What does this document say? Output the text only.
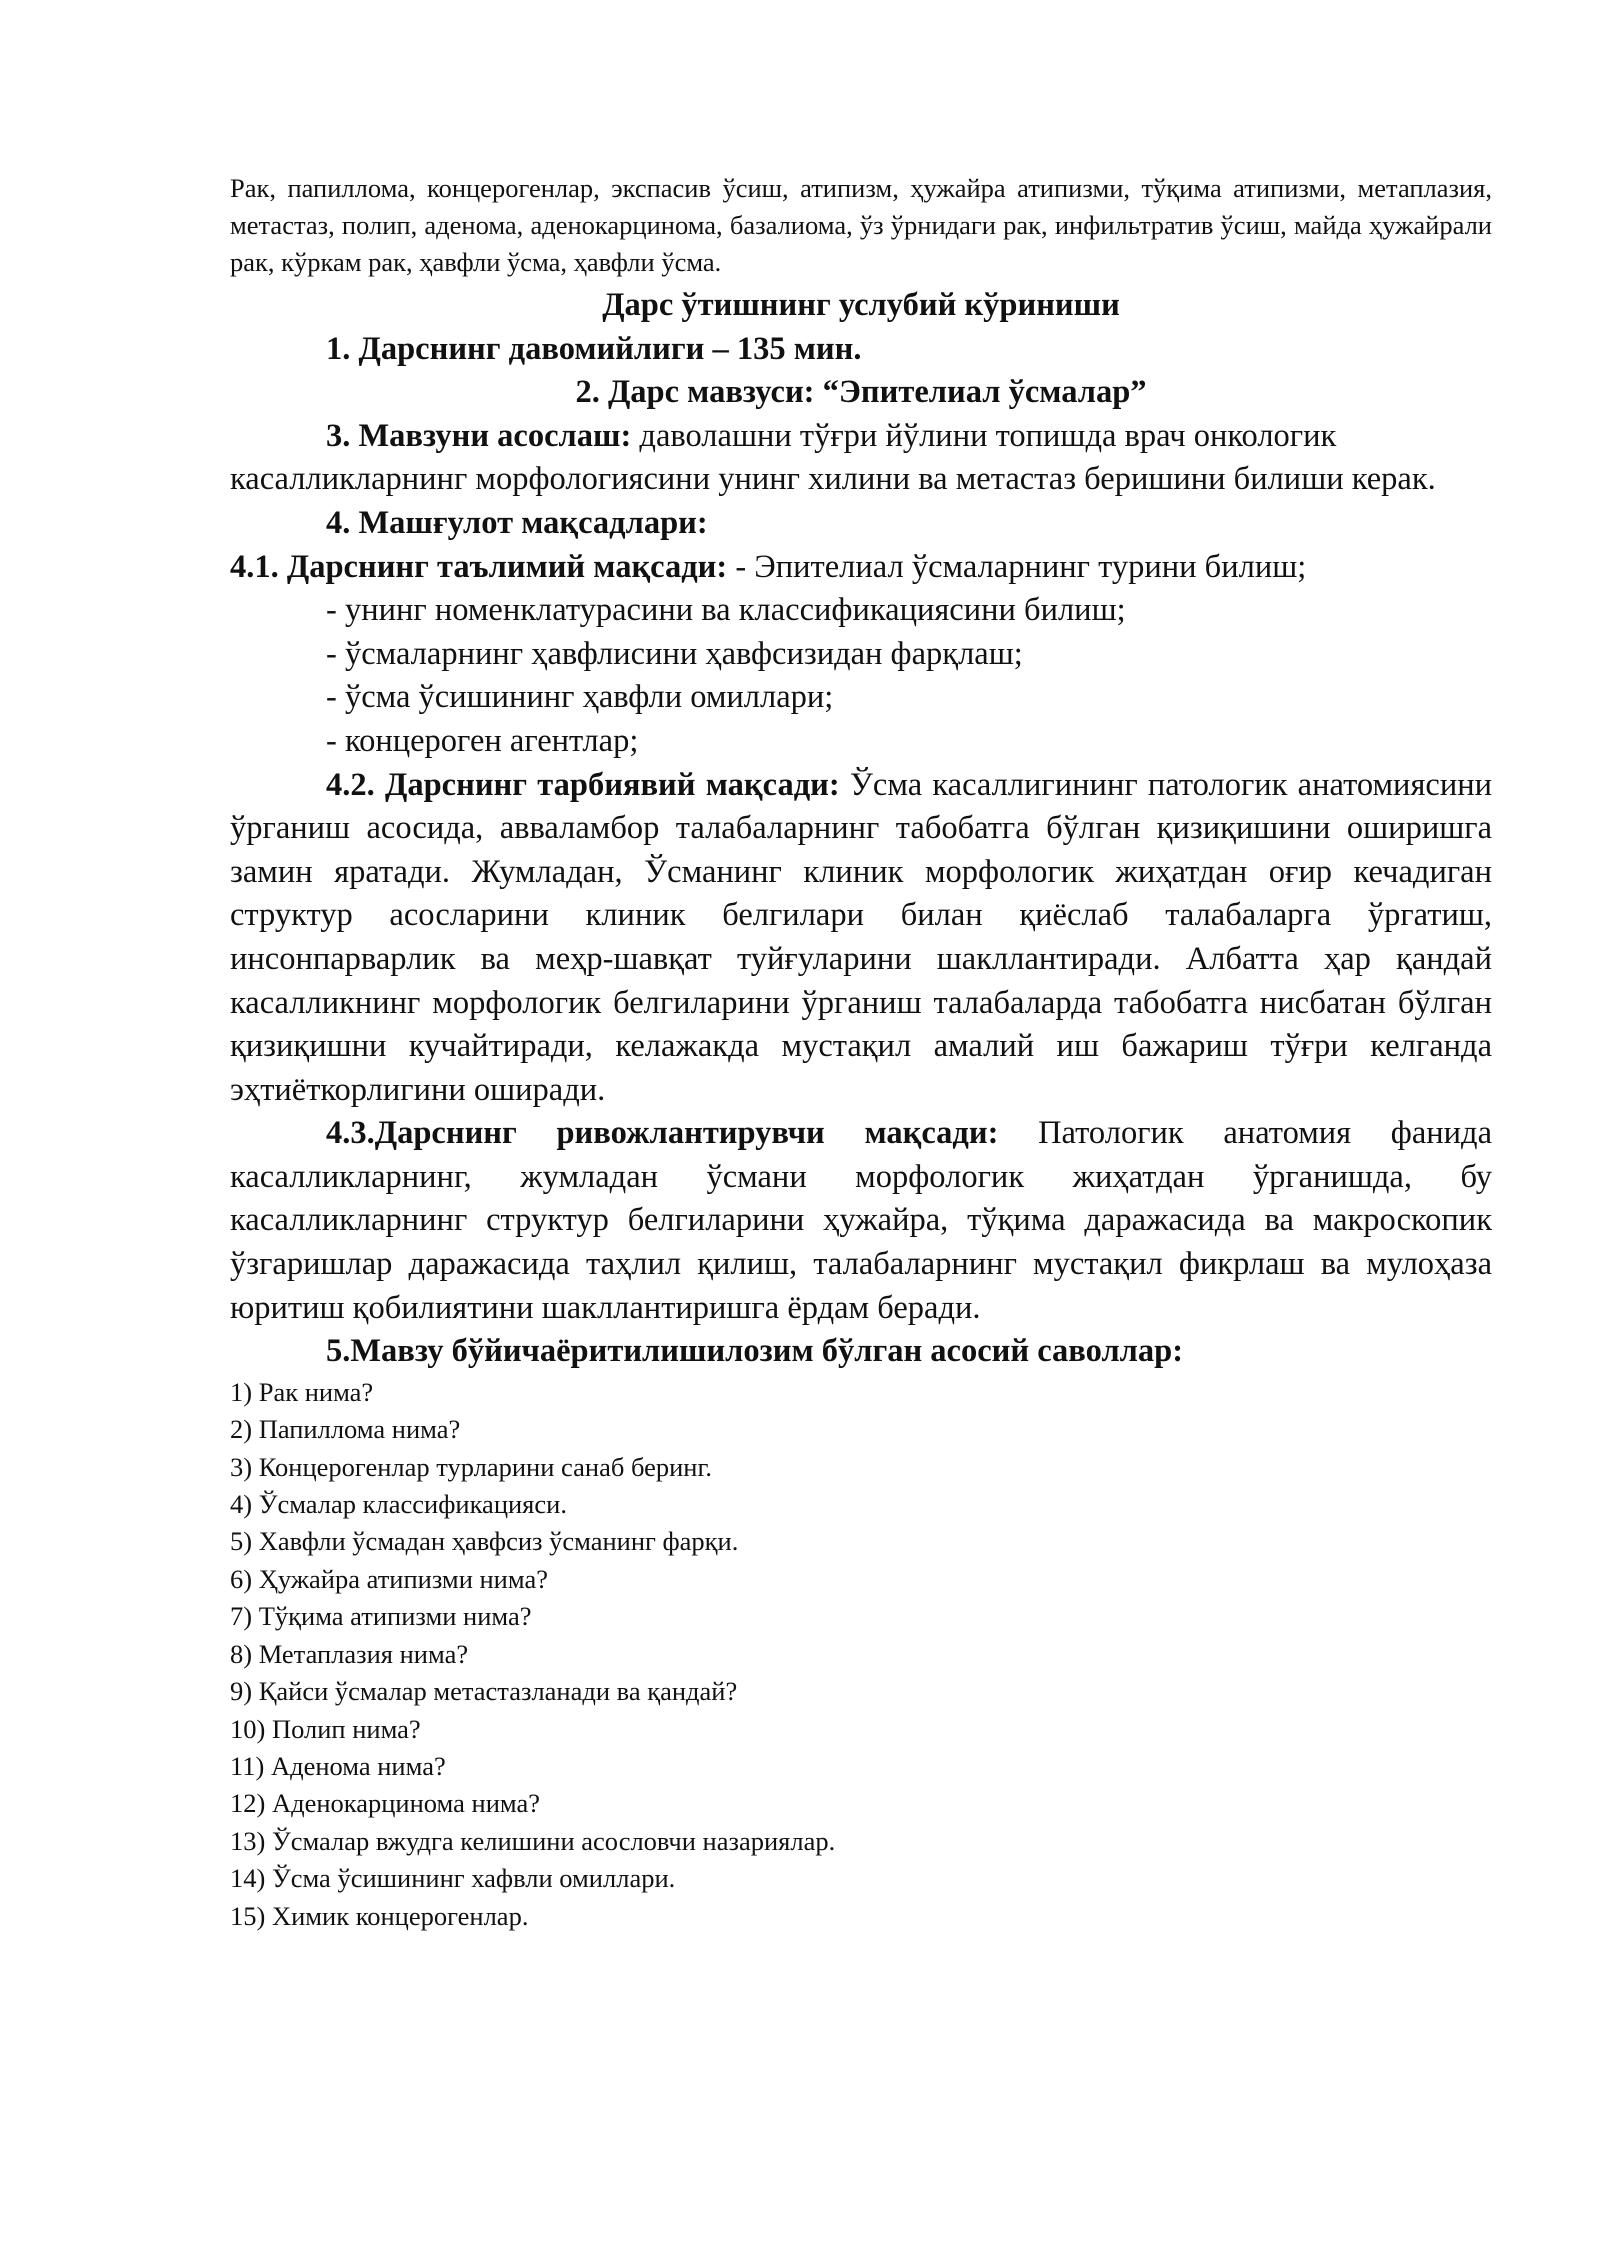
Рак, папиллома, концерогенлар, экспасив ўсиш, атипизм, ҳужайра атипизми, тўқима атипизми, метаплазия, метастаз, полип, аденома, аденокарцинома, базалиома, ўз ўрнидаги рак, инфильтратив ўсиш, майда ҳужайрали рак, кўркам рак, ҳавфли ўсма, ҳавфли ўсма.

Дарс ўтишнинг услубий кўриниши

1. Дарснинг давомийлиги – 135 мин.

2. Дарс мавзуси: “Эпителиал ўсмалар”

3. Мавзуни асослаш: даволашни тўғри йўлини топишда врач онкологик касалликларнинг морфологиясини унинг хилини ва метастаз беришини билиши керак.

4. Машғулот мақсадлари:

4.1. Дарснинг таълимий мақсади: - Эпителиал ўсмаларнинг турини билиш;

- унинг номенклатурасини ва классификациясини билиш;

- ўсмаларнинг ҳавфлисини ҳавфсизидан фарқлаш;

- ўсма ўсишининг ҳавфли омиллари;

- концероген агентлар;

4.2. Дарснинг тарбиявий мақсади: Ўсма касаллигининг патологик анатомиясини ўрганиш асосида, авваламбор талабаларнинг табобатга бўлган қизиқишини оширишга замин яратади. Жумладан, Ўсманинг клиник морфологик жиҳатдан оғир кечадиган структур асосларини клиник белгилари билан қиёслаб талабаларга ўргатиш, инсонпарварлик ва меҳр-шавқат туйғуларини шакллантиради. Албатта ҳар қандай касалликнинг морфологик белгиларини ўрганиш талабаларда табобатга нисбатан бўлган қизиқишни кучайтиради, келажакда мустақил амалий иш бажариш тўғри келганда эҳтиёткорлигини оширади.

4.3.Дарснинг ривожлантирувчи мақсади: Патологик анатомия фанида касалликларнинг, жумладан ўсмани морфологик жиҳатдан ўрганишда, бу касалликларнинг структур белгиларини ҳужайра, тўқима даражасида ва макроскопик ўзгаришлар даражасида таҳлил қилиш, талабаларнинг мустақил фикрлаш ва мулоҳаза юритиш қобилиятини шакллантиришга ёрдам беради.

5.Мавзу бўйичаёритилишилозим бўлган асосий саволлар:

1) Рак нима?

2) Папиллома нима?

3) Концерогенлар турларини санаб беринг.

4) Ўсмалар классификацияси.

5) Хавфли ўсмадан ҳавфсиз ўсманинг фарқи.

6) Ҳужайра атипизми нима?

7) Тўқима атипизми нима?

8) Метаплазия нима?

9) Қайси ўсмалар метастазланади ва қандай?

10) Полип нима?

11) Аденома нима?

12) Аденокарцинома нима?

13) Ўсмалар вжудга келишини асословчи назариялар.

14) Ўсма ўсишининг хафвли омиллари.

15) Химик концерогенлар.
